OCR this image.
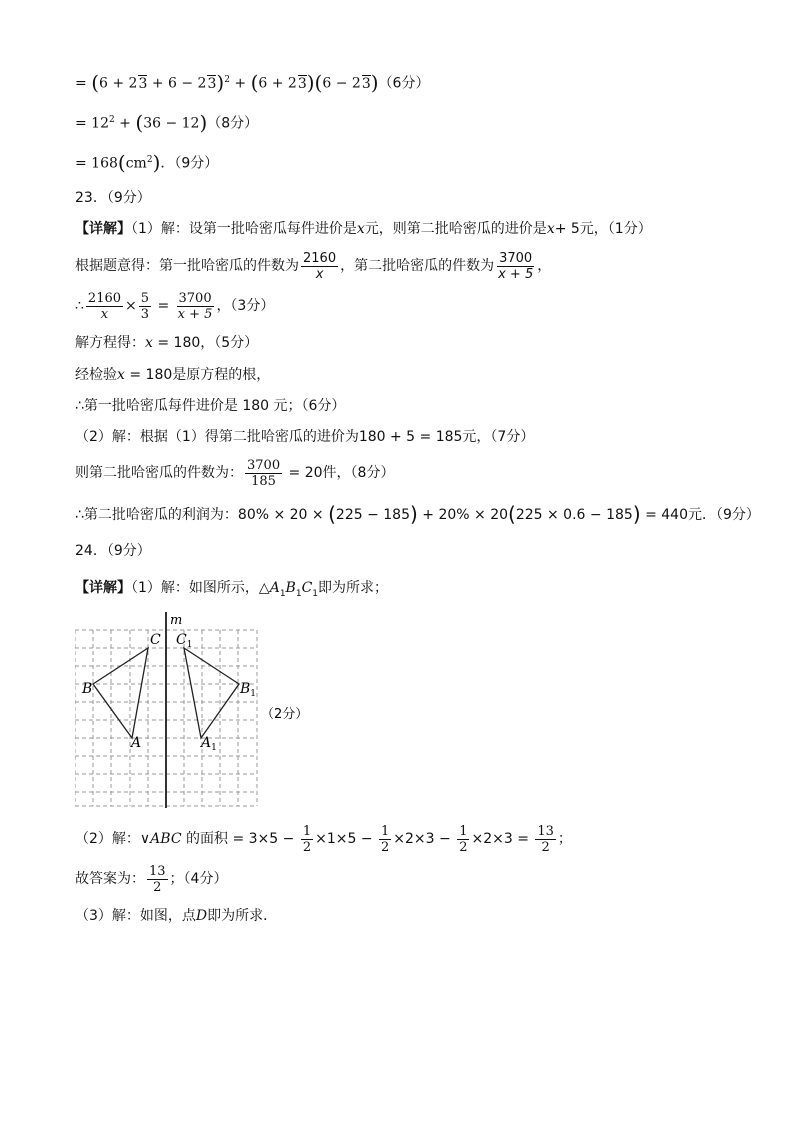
= $(6 + 23 + 6 - 23)^2 + (6 + 23)(6 - 23)(6$分）
= $12^2 + (36 - 12)(8$分）
= $168(cm^2)$．（9分）
23．（9分）
【详解】（1）解：设第一批哈密瓜每件进价是x元，则第二批哈密瓜的进价是x+ 5元，（1分）
根据题意得：第一批哈密瓜的件数为 $\frac{2160}{x}$ ，第二批哈密瓜的件数为 $\frac{3700}{x + 5}$ ，
∴ $\frac{2160}{x} \times \frac{5}{3} = \frac{3700}{x + 5}$ ，（3分）
解方程得：x = 180，（5分）
经检验x = 180是原方程的根，
∴第一批哈密瓜每件进价是 180 元；（6分）
（2）解：根据（1）得第二批哈密瓜的进价为180 + 5 = 185元，（7分）
则第二批哈密瓜的件数为： $\frac{3700}{185} = 20$件，（8分）
∴第二批哈密瓜的利润为：80% × 20 × (225 − 185) + 20% × 20(225 × 0.6 − 185) = 440元．（9分）
24．（9分）
【详解】（1）解：如图所示，$\triangle A_1B_1C_1$即为所求；
m
C
B
A
$C_1$
$B_1$
$A_1$
（2分）
（2）解：∨ABC 的面积 = $3\times 5 - \frac{1}{2} \times 1\times 5 - \frac{1}{2} \times 2\times 3 - \frac{1}{2} \times 2\times 3 = \frac{13}{2}$ ；
故答案为： $\frac{13}{2}$ ；（4分）
（3）解：如图，点D即为所求．
